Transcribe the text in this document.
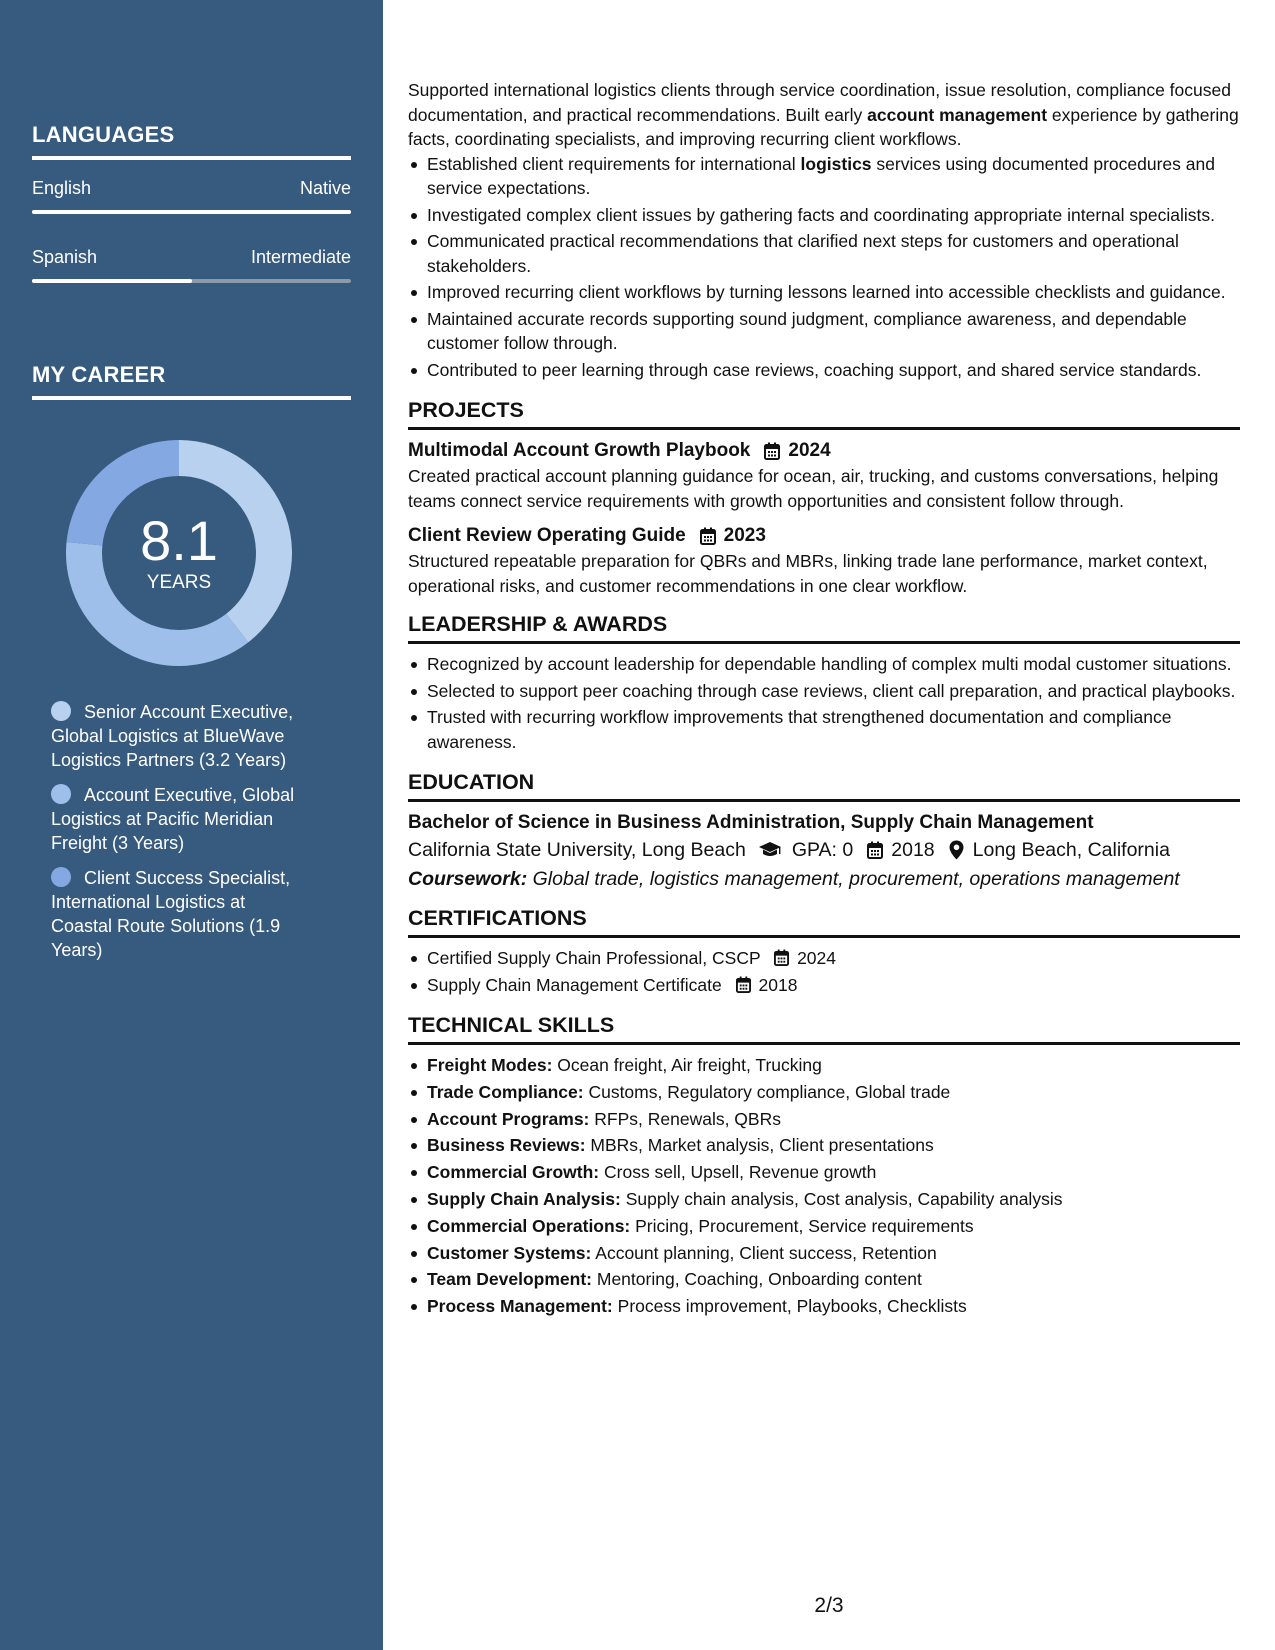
LANGUAGES
English	Native
Spanish	Intermediate
MY CAREER
8.1
YEARS
Senior Account Executive, Global Logistics at BlueWave Logistics Partners (3.2 Years)
Account Executive, Global Logistics at Pacific Meridian Freight (3 Years)
Client Success Specialist, International Logistics at Coastal Route Solutions (1.9 Years)

Supported international logistics clients through service coordination, issue resolution, compliance focused documentation, and practical recommendations. Built early account management experience by gathering facts, coordinating specialists, and improving recurring client workflows.

Established client requirements for international logistics services using documented procedures and service expectations.
Investigated complex client issues by gathering facts and coordinating appropriate internal specialists.
Communicated practical recommendations that clarified next steps for customers and operational stakeholders.
Improved recurring client workflows by turning lessons learned into accessible checklists and guidance.
Maintained accurate records supporting sound judgment, compliance awareness, and dependable customer follow through.
Contributed to peer learning through case reviews, coaching support, and shared service standards.
PROJECTS
Multimodal Account Growth Playbook 2024

Created practical account planning guidance for ocean, air, trucking, and customs conversations, helping teams connect service requirements with growth opportunities and consistent follow through.

Client Review Operating Guide 2023

Structured repeatable preparation for QBRs and MBRs, linking trade lane performance, market context, operational risks, and customer recommendations in one clear workflow.

LEADERSHIP & AWARDS
Recognized by account leadership for dependable handling of complex multi modal customer situations.
Selected to support peer coaching through case reviews, client call preparation, and practical playbooks.
Trusted with recurring workflow improvements that strengthened documentation and compliance awareness.
EDUCATION
Bachelor of Science in Business Administration, Supply Chain Management
California State University, Long Beach GPA: 0 2018 Long Beach, California
Coursework: Global trade, logistics management, procurement, operations management
CERTIFICATIONS
Certified Supply Chain Professional, CSCP 2024
Supply Chain Management Certificate 2018
TECHNICAL SKILLS
Freight Modes: Ocean freight, Air freight, Trucking
Trade Compliance: Customs, Regulatory compliance, Global trade
Account Programs: RFPs, Renewals, QBRs
Business Reviews: MBRs, Market analysis, Client presentations
Commercial Growth: Cross sell, Upsell, Revenue growth
Supply Chain Analysis: Supply chain analysis, Cost analysis, Capability analysis
Commercial Operations: Pricing, Procurement, Service requirements
Customer Systems: Account planning, Client success, Retention
Team Development: Mentoring, Coaching, Onboarding content
Process Management: Process improvement, Playbooks, Checklists
2/3
